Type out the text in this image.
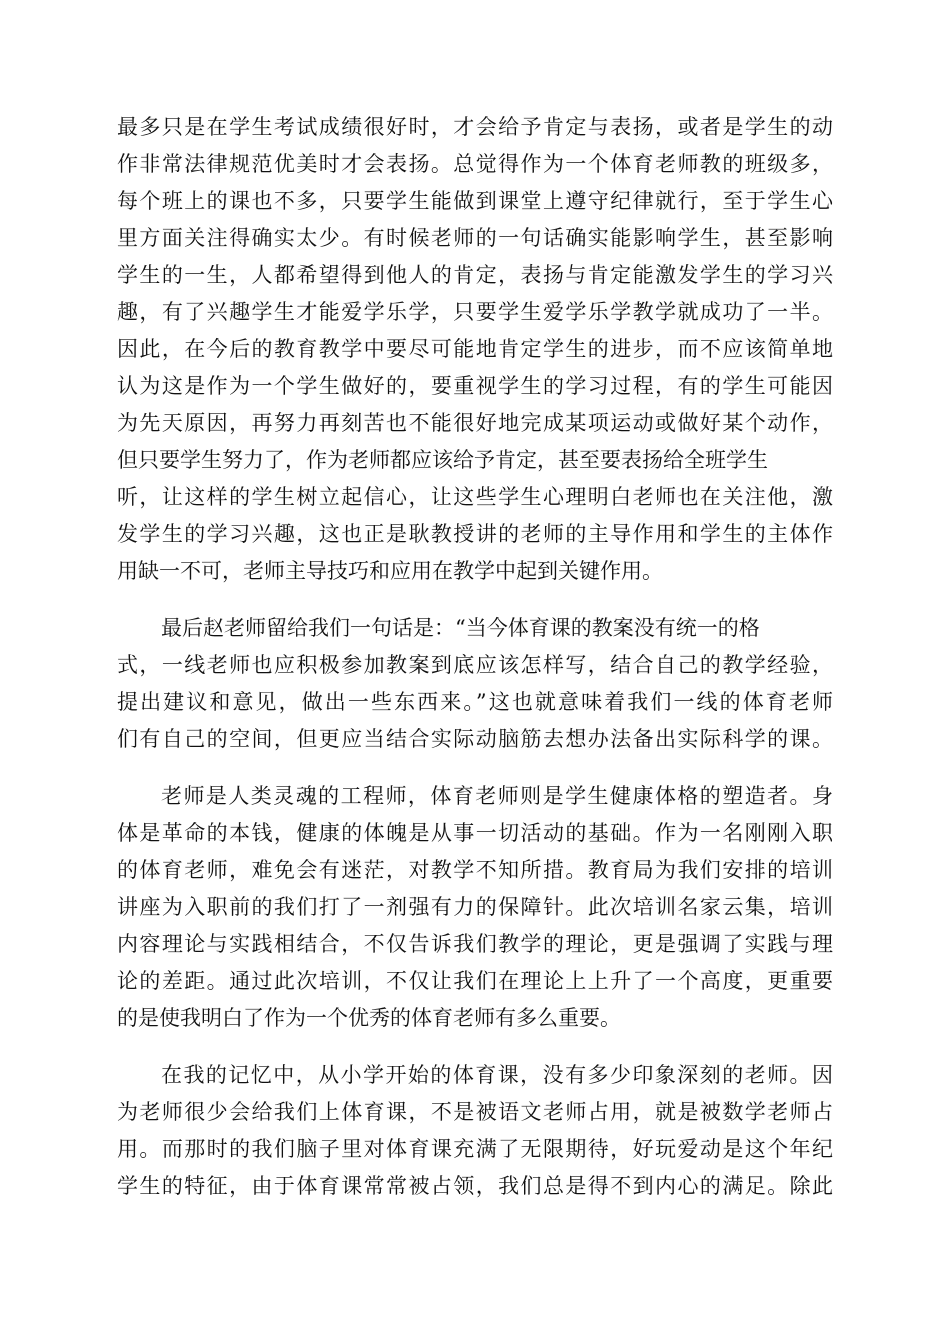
最多只是在学生考试成绩很好时，才会给予肯定与表扬，或者是学生的动
作非常法律规范优美时才会表扬。总觉得作为一个体育老师教的班级多，
每个班上的课也不多，只要学生能做到课堂上遵守纪律就行，至于学生心
里方面关注得确实太少。有时候老师的一句话确实能影响学生，甚至影响
学生的一生，人都希望得到他人的肯定，表扬与肯定能激发学生的学习兴
趣，有了兴趣学生才能爱学乐学，只要学生爱学乐学教学就成功了一半。
因此，在今后的教育教学中要尽可能地肯定学生的进步，而不应该简单地
认为这是作为一个学生做好的，要重视学生的学习过程，有的学生可能因
为先天原因，再努力再刻苦也不能很好地完成某项运动或做好某个动作，
但只要学生努力了，作为老师都应该给予肯定，甚至要表扬给全班学生
听，让这样的学生树立起信心，让这些学生心理明白老师也在关注他，激
发学生的学习兴趣，这也正是耿教授讲的老师的主导作用和学生的主体作
用缺一不可，老师主导技巧和应用在教学中起到关键作用。
最后赵老师留给我们一句话是：“当今体育课的教案没有统一的格
式，一线老师也应积极参加教案到底应该怎样写，结合自己的教学经验，
提出建议和意见，做出一些东西来。”这也就意味着我们一线的体育老师
们有自己的空间，但更应当结合实际动脑筋去想办法备出实际科学的课。
老师是人类灵魂的工程师，体育老师则是学生健康体格的塑造者。身
体是革命的本钱，健康的体魄是从事一切活动的基础。作为一名刚刚入职
的体育老师，难免会有迷茫，对教学不知所措。教育局为我们安排的培训
讲座为入职前的我们打了一剂强有力的保障针。此次培训名家云集，培训
内容理论与实践相结合，不仅告诉我们教学的理论，更是强调了实践与理
论的差距。通过此次培训，不仅让我们在理论上上升了一个高度，更重要
的是使我明白了作为一个优秀的体育老师有多么重要。
在我的记忆中，从小学开始的体育课，没有多少印象深刻的老师。因
为老师很少会给我们上体育课，不是被语文老师占用，就是被数学老师占
用。而那时的我们脑子里对体育课充满了无限期待，好玩爱动是这个年纪
学生的特征，由于体育课常常被占领，我们总是得不到内心的满足。除此
